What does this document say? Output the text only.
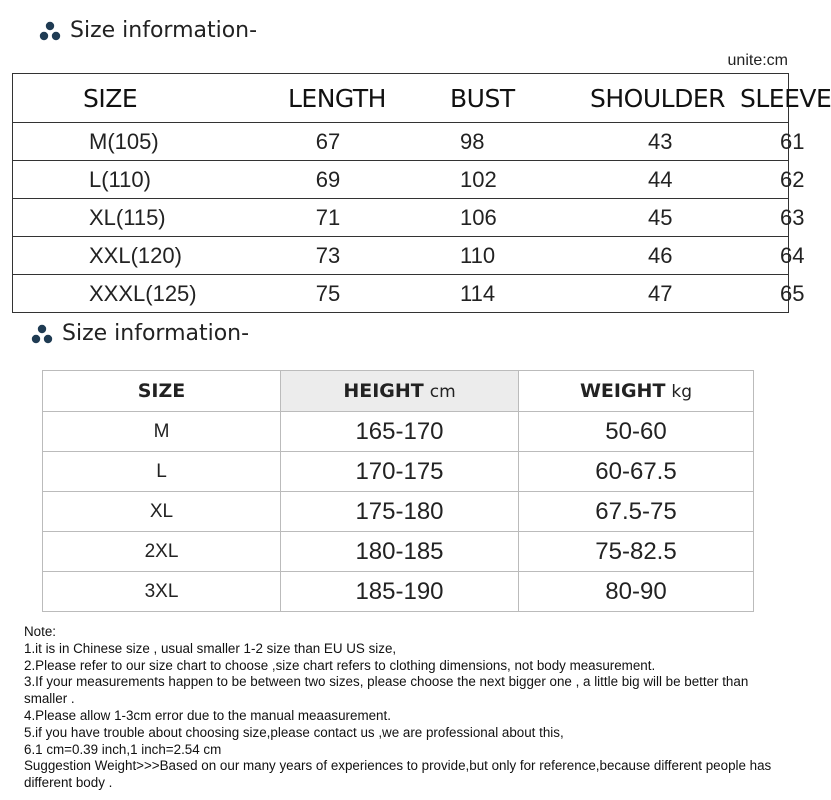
Size information-
unite:cm
SIZE	LENGTH	BUST	SHOULDER	SLEEVE
M(105)	67	98	43	61
L(110)	69	102	44	62
XL(115)	71	106	45	63
XXL(120)	73	110	46	64
XXXL(125)	75	114	47	65
Size information-
SIZE	HEIGHT cm	WEIGHT kg
M	165-170	50-60
L	170-175	60-67.5
XL	175-180	67.5-75
2XL	180-185	75-82.5
3XL	185-190	80-90
Note:
1.it is in Chinese size , usual smaller 1-2 size than EU US size,
2.Please refer to our size chart to choose ,size chart refers to clothing dimensions, not body measurement.
3.If your measurements happen to be between two sizes, please choose the next bigger one , a little big will be better than smaller .
4.Please allow 1-3cm error due to the manual meaasurement.
5.if you have trouble about choosing size,please contact us ,we are professional about this,
6.1 cm=0.39 inch,1 inch=2.54 cm
Suggestion Weight>>>Based on our many years of experiences to provide,but only for reference,because different people has different body .
